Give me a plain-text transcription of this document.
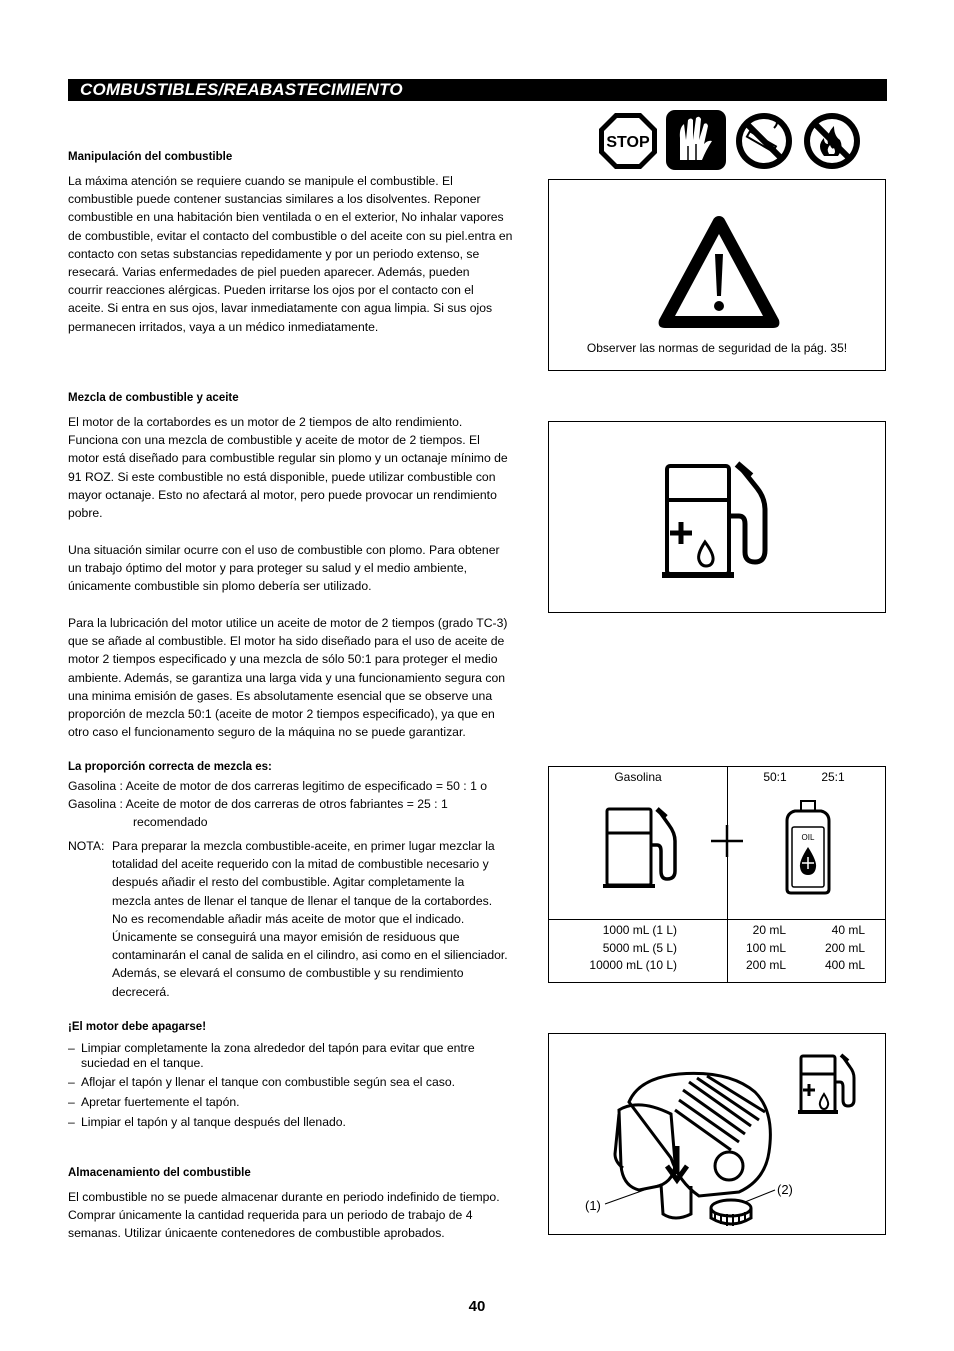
COMBUSTIBLES/REABASTECIMIENTO
STOP
Manipulación del combustible
La máxima atención se requiere cuando se manipule el combustible. El
combustible puede contener sustancias similares a los disolventes. Reponer
combustible en una habitación bien ventilada o en el exterior, No inhalar vapores
de combustible, evitar el contacto del combustible o del aceite con su piel.entra en
contacto con setas substancias repedidamente y por un periodo extenso, se
resecará. Varias enfermedades de piel pueden aparecer. Además, pueden
courrir reacciones alérgicas. Pueden irritarse los ojos por el contacto con el
aceite. Si entra en sus ojos, lavar inmediatamente con agua limpia. Si sus ojos
permanecen irritados, vaya a un médico inmediatamente.
Observer las normas de seguridad de la pág. 35!
Mezcla de combustible y aceite
El motor de la cortabordes es un motor de 2 tiempos de alto rendimiento.
Funciona con una mezcla de combustible y aceite de motor de 2 tiempos. El
motor está diseñado para combustible regular sin plomo y un octanaje mínimo de
91 ROZ. Si este combustible no está disponible, puede utilizar combustible con
mayor octanaje. Esto no afectará al motor, pero puede provocar un rendimiento
pobre.
Una situación similar ocurre con el uso de combustible con plomo. Para obtener
un trabajo óptimo del motor y para proteger su salud y el medio ambiente,
únicamente combustible sin plomo debería ser utilizado.
Para la lubricación del motor utilice un aceite de motor de 2 tiempos (grado TC-3)
que se añade al combustible. El motor ha sido diseñado para el uso de aceite de
motor 2 tiempos especificado y una mezcla de sólo 50:1 para proteger el medio
ambiente. Además, se garantiza una larga vida y una funcionamiento segura con
una minima emisión de gases. Es absolutamente esencial que se observe una
proporción de mezcla 50:1 (aceite de motor 2 tiempos especificado), ya que en
otro caso el funcionamento seguro de la máquina no se puede garantizar.
La proporción correcta de mezcla es:
Gasolina : Aceite de motor de dos carreras legitimo de especificado = 50 : 1 o
Gasolina : Aceite de motor de dos carreras de otros fabriantes = 25 : 1
recomendado
NOTA: Para preparar la mezcla combustible-aceite, en primer lugar mezclar la
totalidad del aceite requerido con la mitad de combustible necesario y
después añadir el resto del combustible. Agitar completamente la
mezcla antes de llenar el tanque de llenar el tanque de la cortabordes.
No es recomendable añadir más aceite de motor que el indicado.
Únicamente se conseguirá una mayor emisión de residuous que
contaminarán el canal de salida en el cilindro, asi como en el silienciador.
Además, se elevará el consumo de combustible y su rendimiento
decrecerá.
Gasolina	50:1	25:1
OIL
1000 mL (1 L)
5000 mL (5 L)
10000 mL (10 L)
20 mL
100 mL
200 mL
40 mL
200 mL
400 mL
¡El motor debe apagarse!
– Limpiar completamente la zona alrededor del tapón para evitar que entre
suciedad en el tanque.
– Aflojar el tapón y llenar el tanque con combustible según sea el caso.
– Apretar fuertemente el tapón.
– Limpiar el tapón y al tanque después del llenado.
(1)
(2)
Almacenamiento del combustible
El combustible no se puede almacenar durante en periodo indefinido de tiempo.
Comprar únicamente la cantidad requerida para un periodo de trabajo de 4
semanas. Utilizar únicaente contenedores de combustible aprobados.
40
